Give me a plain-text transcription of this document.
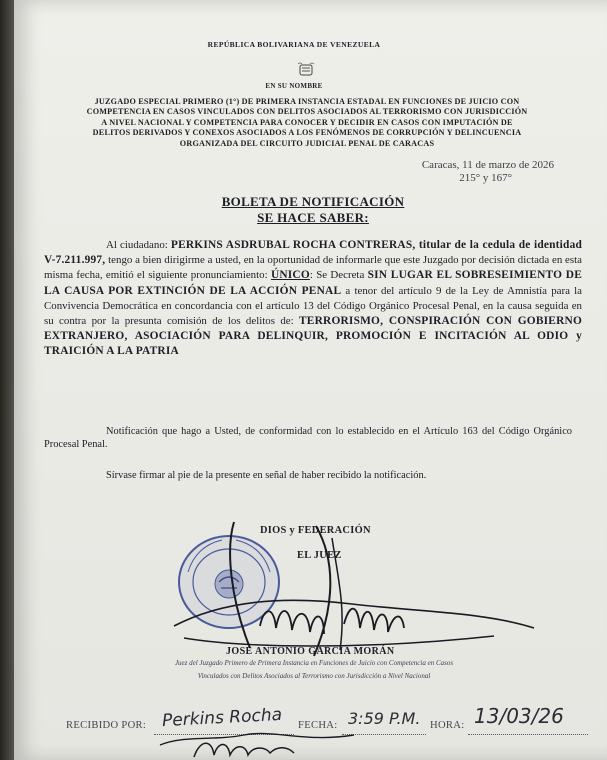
REPÚBLICA BOLIVARIANA DE VENEZUELA

EN SU NOMBRE

JUZGADO ESPECIAL PRIMERO (1°) DE PRIMERA INSTANCIA ESTADAL EN FUNCIONES DE JUICIO CON
COMPETENCIA EN CASOS VINCULADOS CON DELITOS ASOCIADOS AL TERRORISMO CON JURISDICCIÓN
A NIVEL NACIONAL Y COMPETENCIA PARA CONOCER Y DECIDIR EN CASOS CON IMPUTACIÓN DE
DELITOS DERIVADOS Y CONEXOS ASOCIADOS A LOS FENÓMENOS DE CORRUPCIÓN Y DELINCUENCIA
ORGANIZADA DEL CIRCUITO JUDICIAL PENAL DE CARACAS

Caracas, 11 de marzo de 2026

215° y 167°

BOLETA DE NOTIFICACIÓN

SE HACE SABER:

Al ciudadano: PERKINS ASDRUBAL ROCHA CONTRERAS, titular de la cedula de identidad V-7.211.997, tengo a bien dirigirme a usted, en la oportunidad de informarle que este Juzgado por decisión dictada en esta misma fecha, emitió el siguiente pronunciamiento: ÚNICO: Se Decreta SIN LUGAR EL SOBRESEIMIENTO DE LA CAUSA POR EXTINCIÓN DE LA ACCIÓN PENAL a tenor del artículo 9 de la Ley de Amnistía para la Convivencia Democrática en concordancia con el artículo 13 del Código Orgánico Procesal Penal, en la causa seguida en su contra por la presunta comisión de los delitos de: TERRORISMO, CONSPIRACIÓN CON GOBIERNO EXTRANJERO, ASOCIACIÓN PARA DELINQUIR, PROMOCIÓN E INCITACIÓN AL ODIO y TRAICIÓN A LA PATRIA

Notificación que hago a Usted, de conformidad con lo establecido en el Artículo 163 del Código Orgánico Procesal Penal.

Sírvase firmar al pie de la presente en señal de haber recibido la notificación.

DIOS y FEDERACIÓN

EL JUEZ

JOSÉ ANTONIO GARCÍA MORÁN

Juez del Juzgado Primero de Primera Instancia en Funciones de Juicio con Competencia en Casos

Vinculados con Delitos Asociados al Terrorismo con Jurisdicción a Nivel Nacional

RECIBIDO POR: Perkins Rocha FECHA: 3:59 P.M. HORA: 13/03/26
